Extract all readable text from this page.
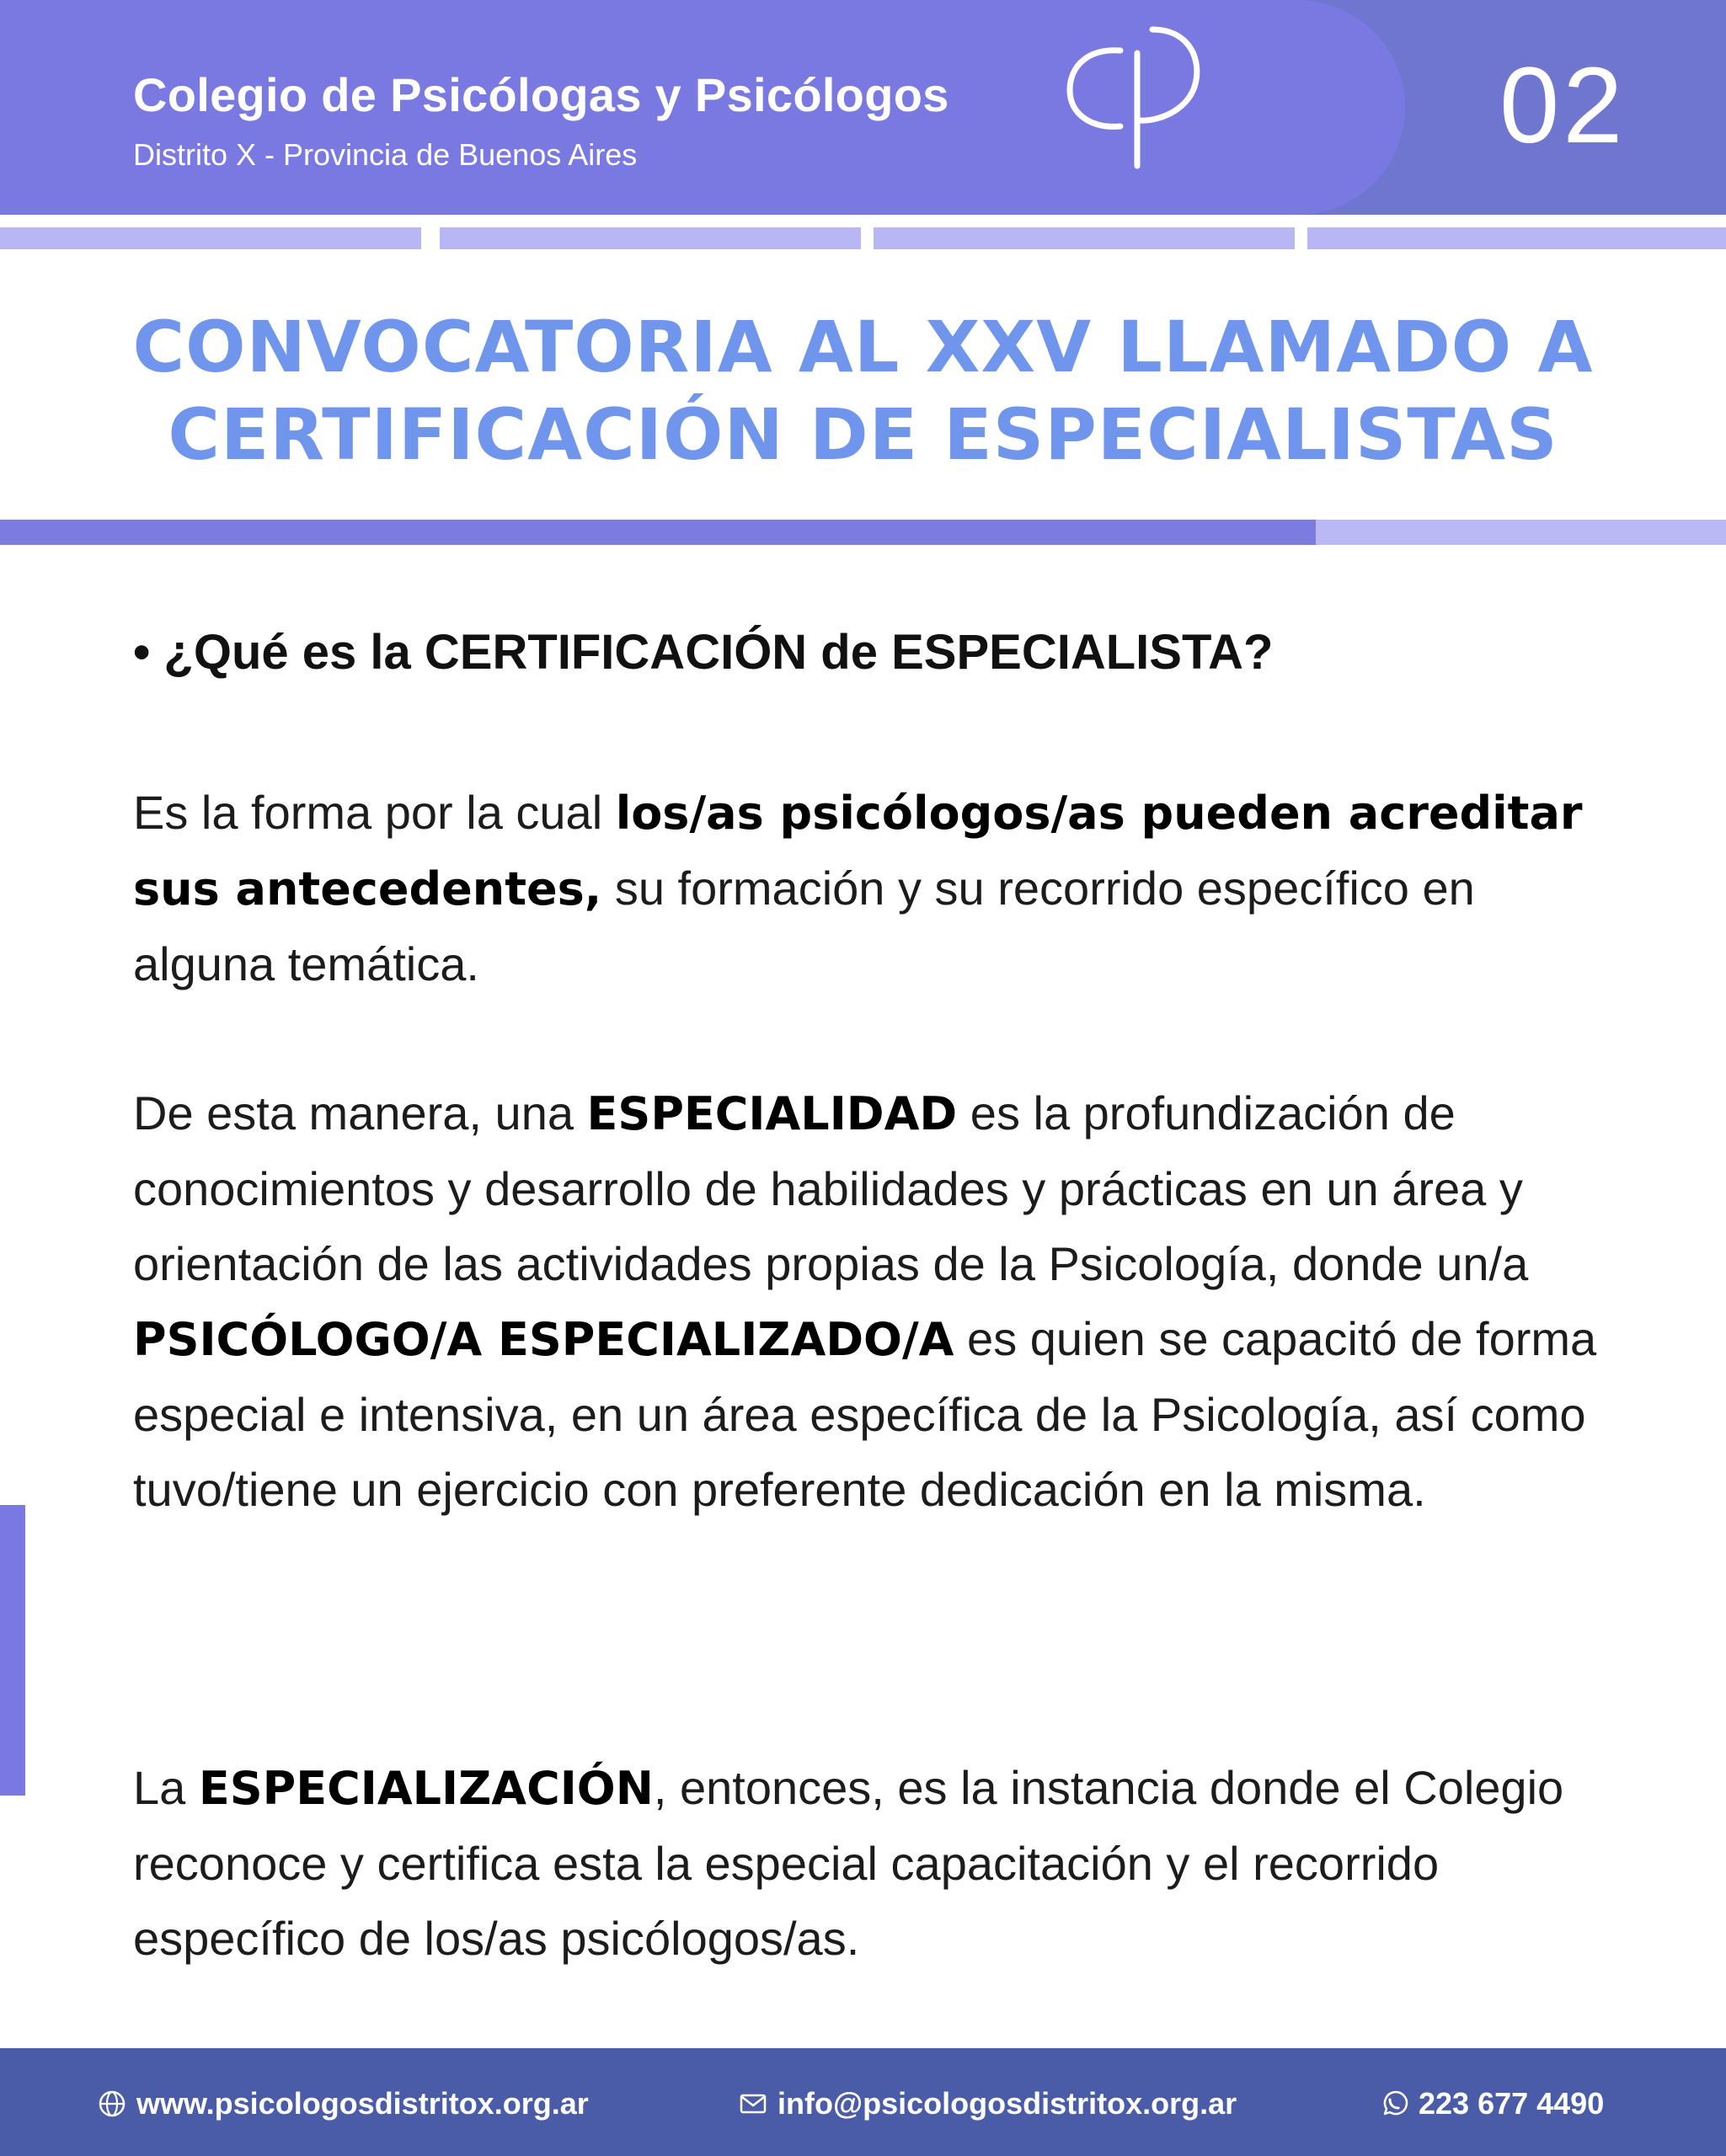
Colegio de Psicólogas y Psicólogos
Distrito X - Provincia de Buenos Aires	02
CONVOCATORIA AL XXV LLAMADO A
CERTIFICACIÓN DE ESPECIALISTAS

• ¿Qué es la CERTIFICACIÓN de ESPECIALISTA?

Es la forma por la cual los/as psicólogos/as pueden acreditar sus antecedentes, su formación y su recorrido específico en alguna temática.

De esta manera, una ESPECIALIDAD es la profundización de conocimientos y desarrollo de habilidades y prácticas en un área y orientación de las actividades propias de la Psicología, donde un/a PSICÓLOGO/A ESPECIALIZADO/A es quien se capacitó de forma especial e intensiva, en un área específica de la Psicología, así como tuvo/tiene un ejercicio con preferente dedicación en la misma.

La ESPECIALIZACIÓN, entonces, es la instancia donde el Colegio reconoce y certifica esta la especial capacitación y el recorrido específico de los/as psicólogos/as.

www.psicologosdistritox.org.ar	info@psicologosdistritox.org.ar	223 677 4490
